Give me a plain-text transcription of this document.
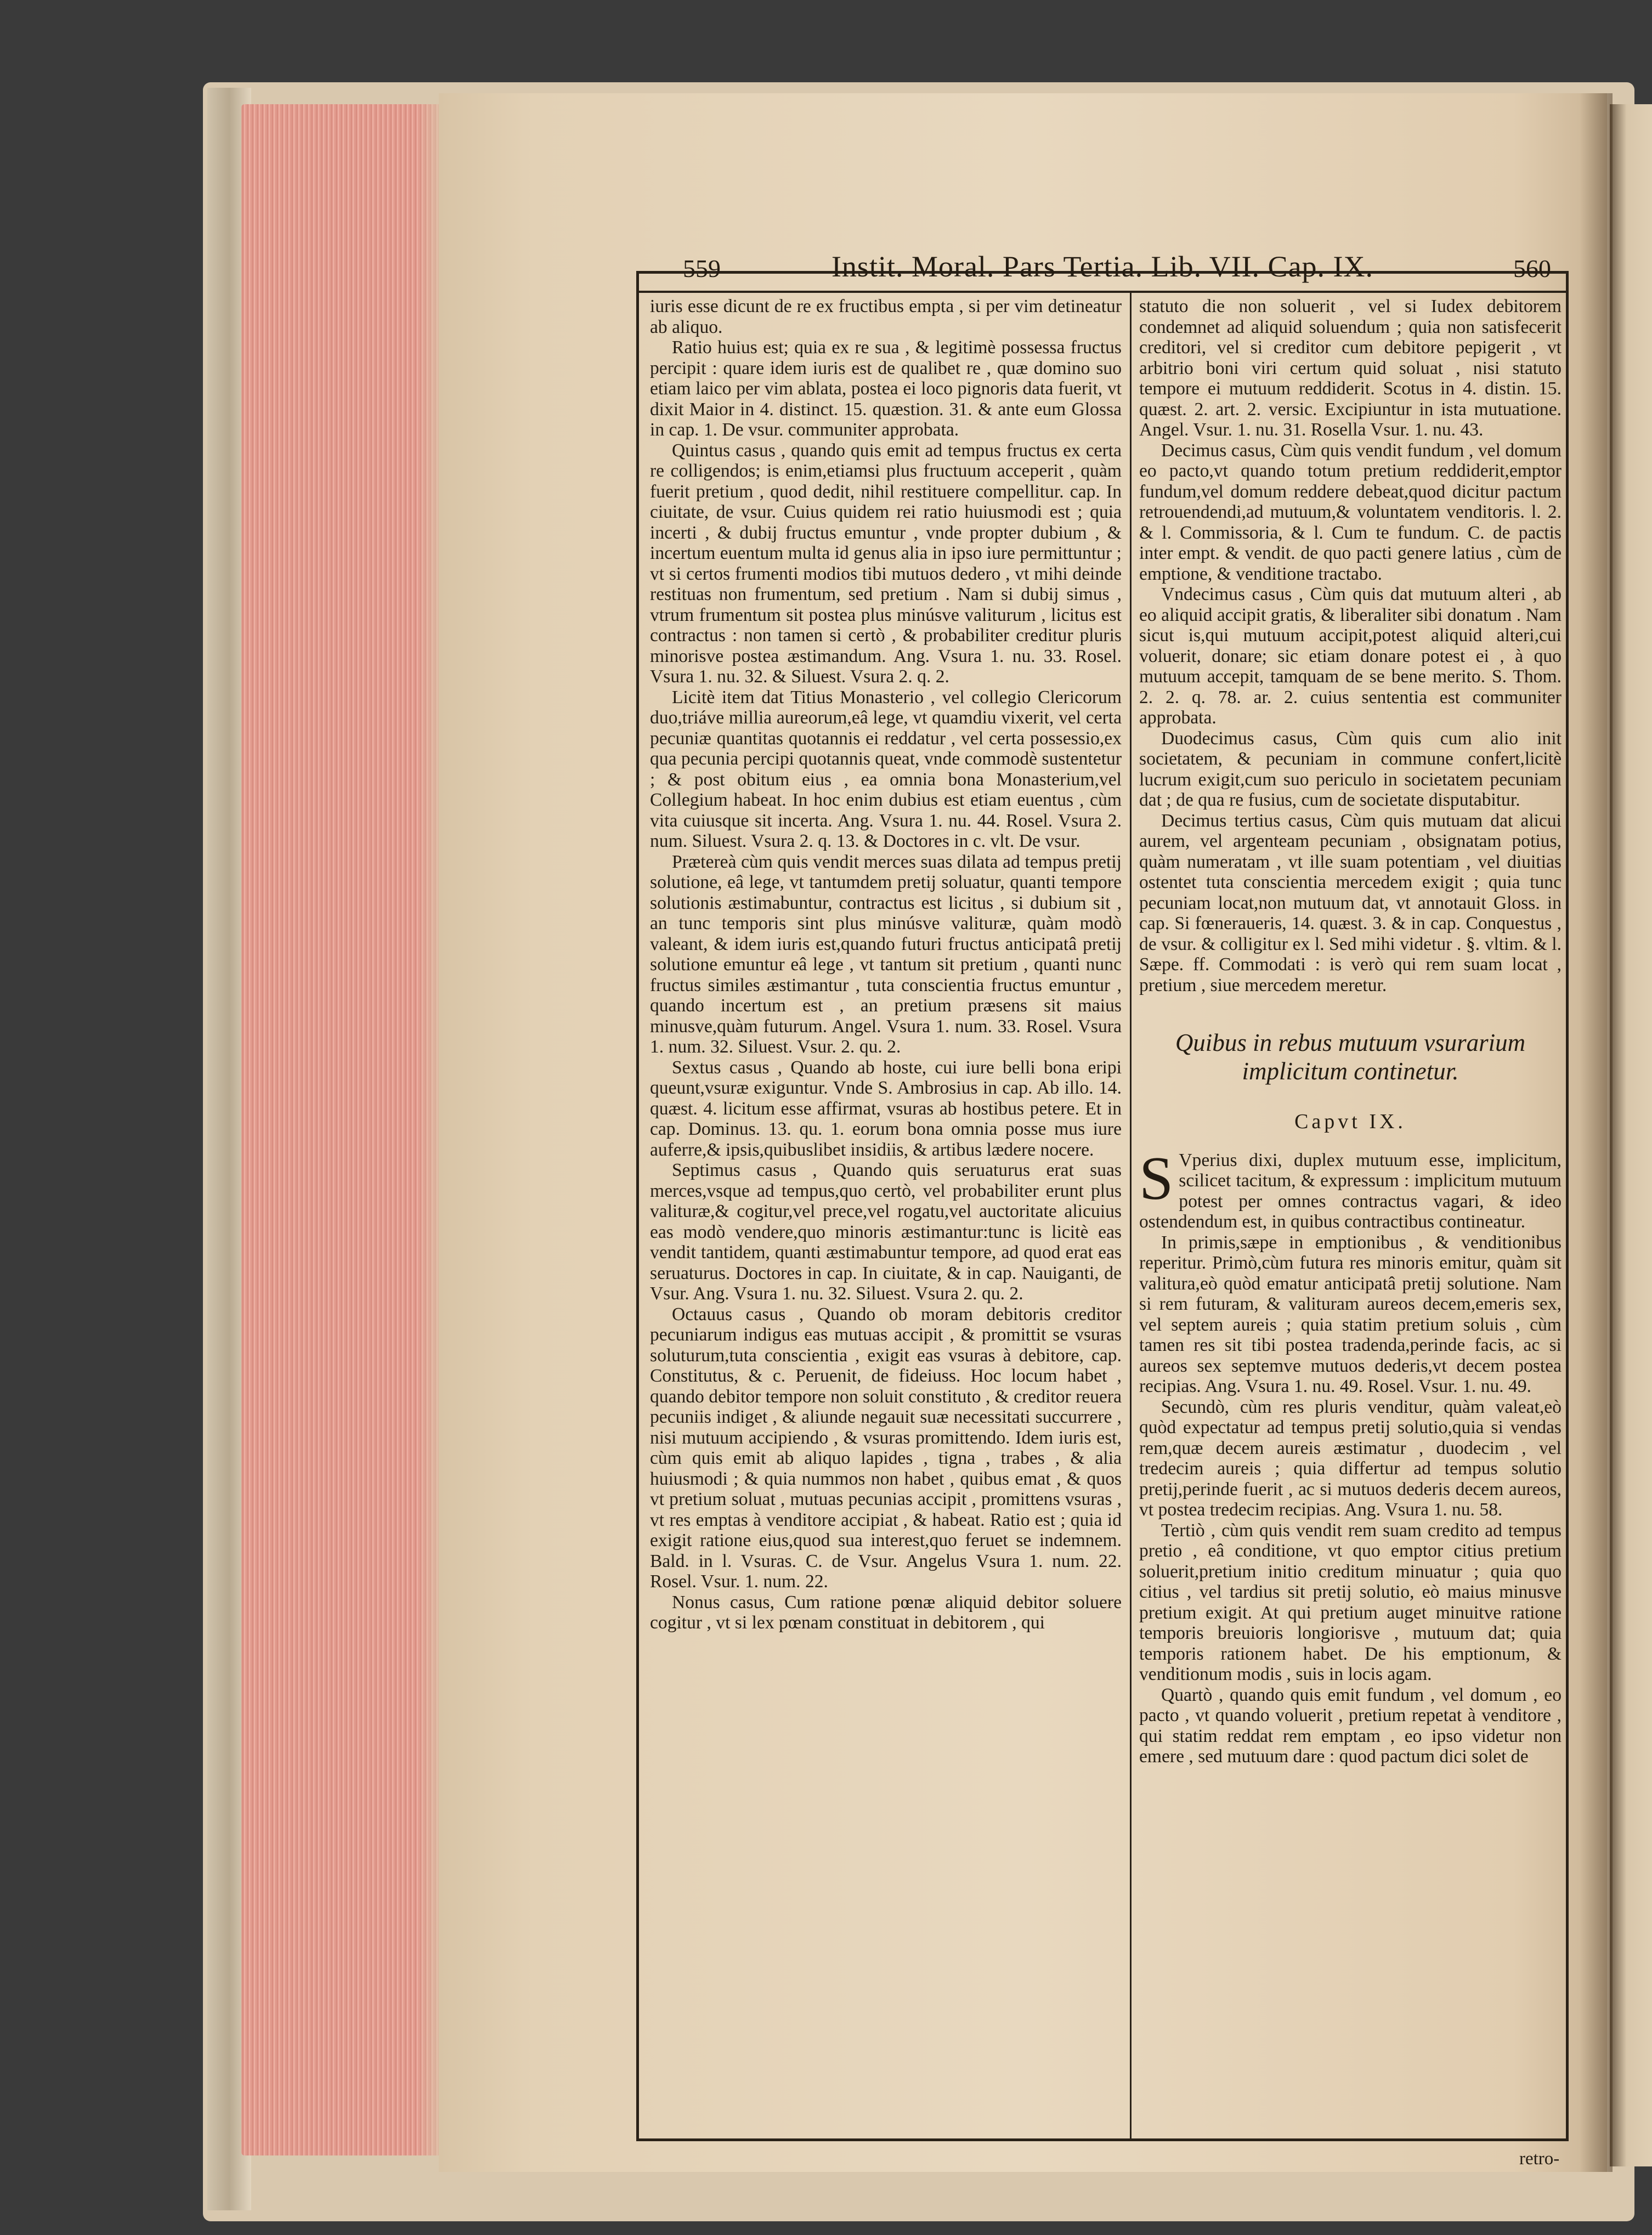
559	Instit. Moral. Pars Tertia. Lib. VII. Cap. IX.	560

iuris esse dicunt de re ex fructibus empta , si per vim detineatur ab aliquo.

Ratio huius est; quia ex re sua , & legitimè possessa fructus percipit : quare idem iuris est de qualibet re , quæ domino suo etiam laico per vim ablata, postea ei loco pignoris data fuerit, vt dixit Maior in 4. distinct. 15. quæstion. 31. & ante eum Glossa in cap. 1. De vsur. communiter approbata.

Quintus casus , quando quis emit ad tempus fructus ex certa re colligendos; is enim,etiamsi plus fructuum acceperit , quàm fuerit pretium , quod dedit, nihil restituere compellitur. cap. In ciuitate, de vsur. Cuius quidem rei ratio huiusmodi est ; quia incerti , & dubij fructus emuntur , vnde propter dubium , & incertum euentum multa id genus alia in ipso iure permittuntur ; vt si certos frumenti modios tibi mutuos dedero , vt mihi deinde restituas non frumentum, sed pretium . Nam si dubij simus , vtrum frumentum sit postea plus minúsve valiturum , licitus est contractus : non tamen si certò , & probabiliter creditur pluris minorisve postea æstimandum. Ang. Vsura 1. nu. 33. Rosel. Vsura 1. nu. 32. & Siluest. Vsura 2. q. 2.

Licitè item dat Titius Monasterio , vel collegio Clericorum duo,triáve millia aureorum,eâ lege, vt quamdiu vixerit, vel certa pecuniæ quantitas quotannis ei reddatur , vel certa possessio,ex qua pecunia percipi quotannis queat, vnde commodè sustentetur ; & post obitum eius , ea omnia bona Monasterium,vel Collegium habeat. In hoc enim dubius est etiam euentus , cùm vita cuiusque sit incerta. Ang. Vsura 1. nu. 44. Rosel. Vsura 2. num. Siluest. Vsura 2. q. 13. & Doctores in c. vlt. De vsur.

Prætereà cùm quis vendit merces suas dilata ad tempus pretij solutione, eâ lege, vt tantumdem pretij soluatur, quanti tempore solutionis æstimabuntur, contractus est licitus , si dubium sit , an tunc temporis sint plus minúsve valituræ, quàm modò valeant, & idem iuris est,quando futuri fructus anticipatâ pretij solutione emuntur eâ lege , vt tantum sit pretium , quanti nunc fructus similes æstimantur , tuta conscientia fructus emuntur , quando incertum est , an pretium præsens sit maius minusve,quàm futurum. Angel. Vsura 1. num. 33. Rosel. Vsura 1. num. 32. Siluest. Vsur. 2. qu. 2.

Sextus casus , Quando ab hoste, cui iure belli bona eripi queunt,vsuræ exiguntur. Vnde S. Ambrosius in cap. Ab illo. 14. quæst. 4. licitum esse affirmat, vsuras ab hostibus petere. Et in cap. Dominus. 13. qu. 1. eorum bona omnia posse mus iure auferre,& ipsis,quibuslibet insidiis, & artibus lædere nocere.

Septimus casus , Quando quis seruaturus erat suas merces,vsque ad tempus,quo certò, vel probabiliter erunt plus valituræ,& cogitur,vel prece,vel rogatu,vel auctoritate alicuius eas modò vendere,quo minoris æstimantur:tunc is licitè eas vendit tantidem, quanti æstimabuntur tempore, ad quod erat eas seruaturus. Doctores in cap. In ciuitate, & in cap. Nauiganti, de Vsur. Ang. Vsura 1. nu. 32. Siluest. Vsura 2. qu. 2.

Octauus casus , Quando ob moram debitoris creditor pecuniarum indigus eas mutuas accipit , & promittit se vsuras soluturum,tuta conscientia , exigit eas vsuras à debitore, cap. Constitutus, & c. Peruenit, de fideiuss. Hoc locum habet , quando debitor tempore non soluit constituto , & creditor reuera pecuniis indiget , & aliunde negauit suæ necessitati succurrere , nisi mutuum accipiendo , & vsuras promittendo. Idem iuris est, cùm quis emit ab aliquo lapides , tigna , trabes , & alia huiusmodi ; & quia nummos non habet , quibus emat , & quos vt pretium soluat , mutuas pecunias accipit , promittens vsuras , vt res emptas à venditore accipiat , & habeat. Ratio est ; quia id exigit ratione eius,quod sua interest,quo feruet se indemnem. Bald. in l. Vsuras. C. de Vsur. Angelus Vsura 1. num. 22. Rosel. Vsur. 1. num. 22.

Nonus casus, Cum ratione pœnæ aliquid debitor soluere cogitur , vt si lex pœnam constituat in debitorem , qui

statuto die non soluerit , vel si Iudex debitorem condemnet ad aliquid soluendum ; quia non satisfecerit creditori, vel si creditor cum debitore pepigerit , vt arbitrio boni viri certum quid soluat , nisi statuto tempore ei mutuum reddiderit. Scotus in 4. distin. 15. quæst. 2. art. 2. versic. Excipiuntur in ista mutuatione. Angel. Vsur. 1. nu. 31. Rosella Vsur. 1. nu. 43.

Decimus casus, Cùm quis vendit fundum , vel domum eo pacto,vt quando totum pretium reddiderit,emptor fundum,vel domum reddere debeat,quod dicitur pactum retrouendendi,ad mutuum,& voluntatem venditoris. l. 2. & l. Commissoria, & l. Cum te fundum. C. de pactis inter empt. & vendit. de quo pacti genere latius , cùm de emptione, & venditione tractabo.

Vndecimus casus , Cùm quis dat mutuum alteri , ab eo aliquid accipit gratis, & liberaliter sibi donatum . Nam sicut is,qui mutuum accipit,potest aliquid alteri,cui voluerit, donare; sic etiam donare potest ei , à quo mutuum accepit, tamquam de se bene merito. S. Thom. 2. 2. q. 78. ar. 2. cuius sententia est communiter approbata.

Duodecimus casus, Cùm quis cum alio init societatem, & pecuniam in commune confert,licitè lucrum exigit,cum suo periculo in societatem pecuniam dat ; de qua re fusius, cum de societate disputabitur.

Decimus tertius casus, Cùm quis mutuam dat alicui aurem, vel argenteam pecuniam , obsignatam potius, quàm numeratam , vt ille suam potentiam , vel diuitias ostentet tuta conscientia mercedem exigit ; quia tunc pecuniam locat,non mutuum dat, vt annotauit Gloss. in cap. Si fœneraueris, 14. quæst. 3. & in cap. Conquestus , de vsur. & colligitur ex l. Sed mihi videtur . §. vltim. & l. Sæpe. ff. Commodati : is verò qui rem suam locat , pretium , siue mercedem meretur.

Quibus in rebus mutuum vsurarium implicitum continetur.
Capvt IX.

S Vperius dixi, duplex mutuum esse, implicitum, scilicet tacitum, & expressum : implicitum mutuum potest per omnes contractus vagari, & ideo ostendendum est, in quibus contractibus contineatur.

In primis,sæpe in emptionibus , & venditionibus reperitur. Primò,cùm futura res minoris emitur, quàm sit valitura,eò quòd ematur anticipatâ pretij solutione. Nam si rem futuram, & valituram aureos decem,emeris sex, vel septem aureis ; quia statim pretium soluis , cùm tamen res sit tibi postea tradenda,perinde facis, ac si aureos sex septemve mutuos dederis,vt decem postea recipias. Ang. Vsura 1. nu. 49. Rosel. Vsur. 1. nu. 49.

Secundò, cùm res pluris venditur, quàm valeat,eò quòd expectatur ad tempus pretij solutio,quia si vendas rem,quæ decem aureis æstimatur , duodecim , vel tredecim aureis ; quia differtur ad tempus solutio pretij,perinde fuerit , ac si mutuos dederis decem aureos, vt postea tredecim recipias. Ang. Vsura 1. nu. 58.

Tertiò , cùm quis vendit rem suam credito ad tempus pretio , eâ conditione, vt quo emptor citius pretium soluerit,pretium initio creditum minuatur ; quia quo citius , vel tardius sit pretij solutio, eò maius minusve pretium exigit. At qui pretium auget minuitve ratione temporis breuioris longiorisve , mutuum dat; quia temporis rationem habet. De his emptionum, & venditionum modis , suis in locis agam.

Quartò , quando quis emit fundum , vel domum , eo pacto , vt quando voluerit , pretium repetat à venditore , qui statim reddat rem emptam , eo ipso videtur non emere , sed mutuum dare : quod pactum dici solet de

retro-
